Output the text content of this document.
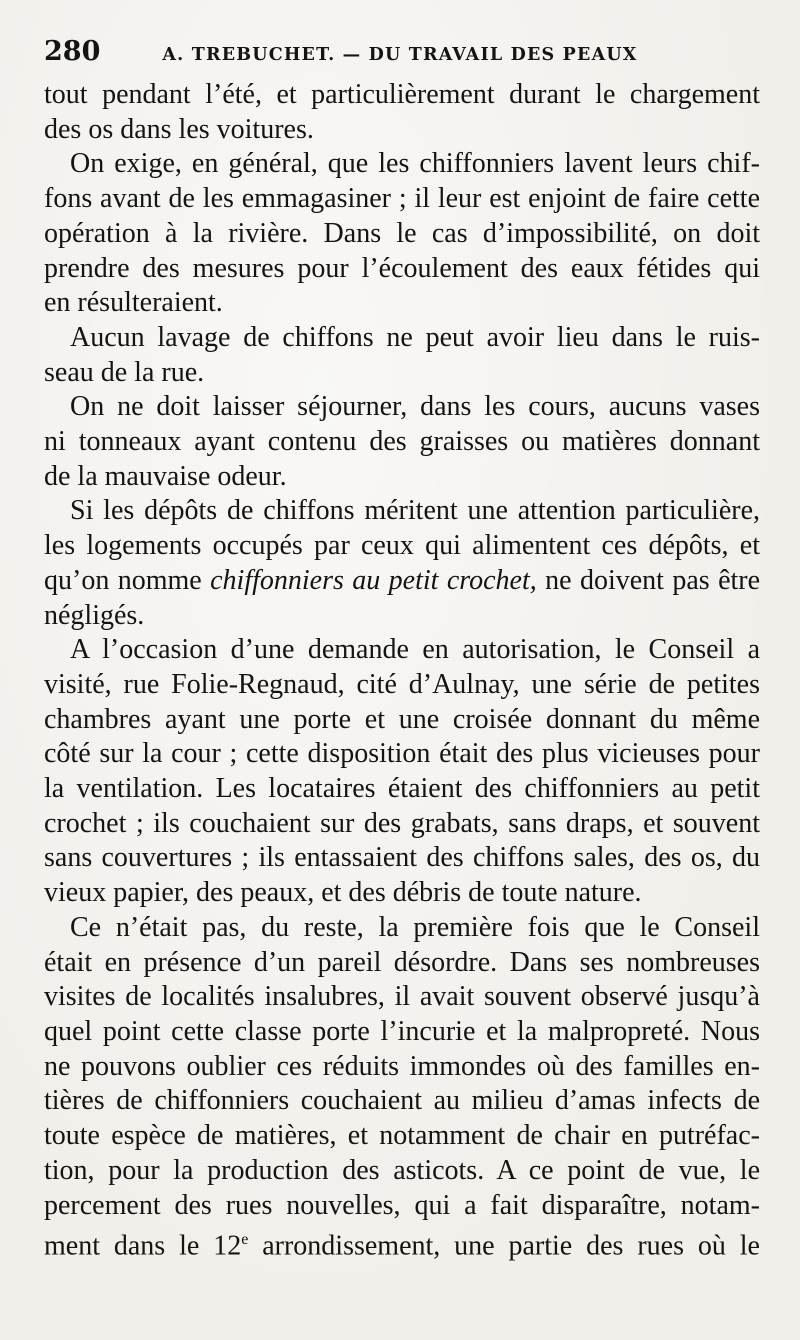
280	A. TREBUCHET. — DU TRAVAIL DES PEAUX
tout pendant l’été, et particulièrement durant le chargement
des os dans les voitures.
On exige, en général, que les chiffonniers lavent leurs chif-
fons avant de les emmagasiner ; il leur est enjoint de faire cette
opération à la rivière. Dans le cas d’impossibilité, on doit
prendre des mesures pour l’écoulement des eaux fétides qui
en résulteraient.
Aucun lavage de chiffons ne peut avoir lieu dans le ruis-
seau de la rue.
On ne doit laisser séjourner, dans les cours, aucuns vases
ni tonneaux ayant contenu des graisses ou matières donnant
de la mauvaise odeur.
Si les dépôts de chiffons méritent une attention particulière,
les logements occupés par ceux qui alimentent ces dépôts, et
qu’on nomme chiffonniers au petit crochet, ne doivent pas être
négligés.
A l’occasion d’une demande en autorisation, le Conseil a
visité, rue Folie-Regnaud, cité d’Aulnay, une série de petites
chambres ayant une porte et une croisée donnant du même
côté sur la cour ; cette disposition était des plus vicieuses pour
la ventilation. Les locataires étaient des chiffonniers au petit
crochet ; ils couchaient sur des grabats, sans draps, et souvent
sans couvertures ; ils entassaient des chiffons sales, des os, du
vieux papier, des peaux, et des débris de toute nature.
Ce n’était pas, du reste, la première fois que le Conseil
était en présence d’un pareil désordre. Dans ses nombreuses
visites de localités insalubres, il avait souvent observé jusqu’à
quel point cette classe porte l’incurie et la malpropreté. Nous
ne pouvons oublier ces réduits immondes où des familles en-
tières de chiffonniers couchaient au milieu d’amas infects de
toute espèce de matières, et notamment de chair en putréfac-
tion, pour la production des asticots. A ce point de vue, le
percement des rues nouvelles, qui a fait disparaître, notam-
ment dans le 12e arrondissement, une partie des rues où le
